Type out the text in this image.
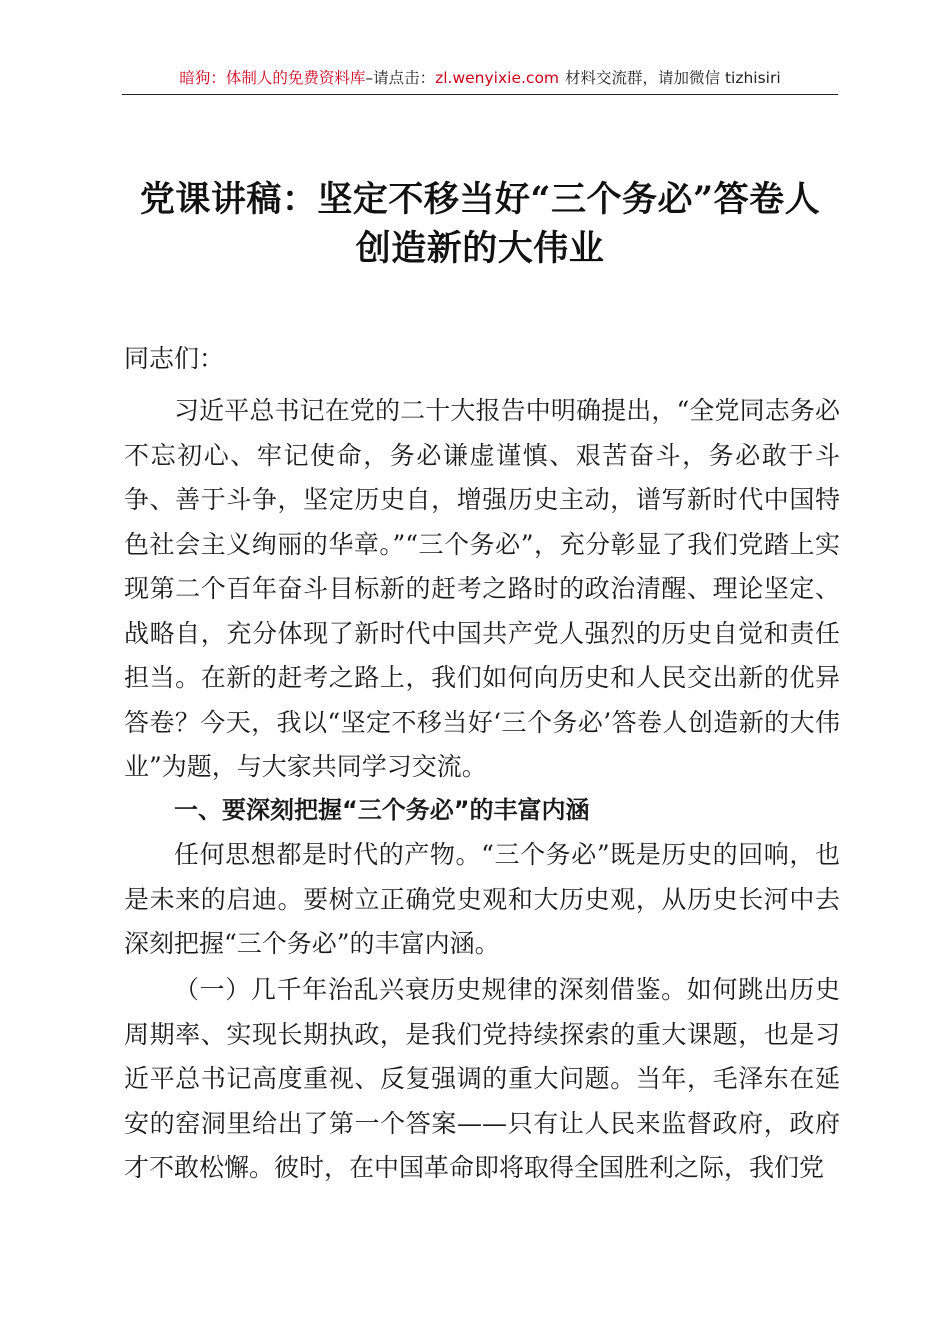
暗狗：体制人的免费资料库–请点击：zl.wenyixie.com 材料交流群，请加微信 tizhisiri
党课讲稿：坚定不移当好“三个务必”答卷人
创造新的大伟业
同志们：
习近平总书记在党的二十大报告中明确提出，“全党同志务必不忘初心、牢记使命，务必谦虚谨慎、艰苦奋斗，务必敢于斗争、善于斗争，坚定历史自，增强历史主动，谱写新时代中国特色社会主义绚丽的华章。”“三个务必”，充分彰显了我们党踏上实现第二个百年奋斗目标新的赶考之路时的政治清醒、理论坚定、战略自，充分体现了新时代中国共产党人强烈的历史自觉和责任担当。在新的赶考之路上，我们如何向历史和人民交出新的优异答卷？今天，我以“坚定不移当好‘三个务必’答卷人创造新的大伟业”为题，与大家共同学习交流。
一、要深刻把握“三个务必”的丰富内涵
任何思想都是时代的产物。“三个务必”既是历史的回响，也是未来的启迪。要树立正确党史观和大历史观，从历史长河中去深刻把握“三个务必”的丰富内涵。
（一）几千年治乱兴衰历史规律的深刻借鉴。如何跳出历史周期率、实现长期执政，是我们党持续探索的重大课题，也是习近平总书记高度重视、反复强调的重大问题。当年，毛泽东在延安的窑洞里给出了第一个答案——只有让人民来监督政府，政府才不敢松懈。彼时，在中国革命即将取得全国胜利之际，我们党
